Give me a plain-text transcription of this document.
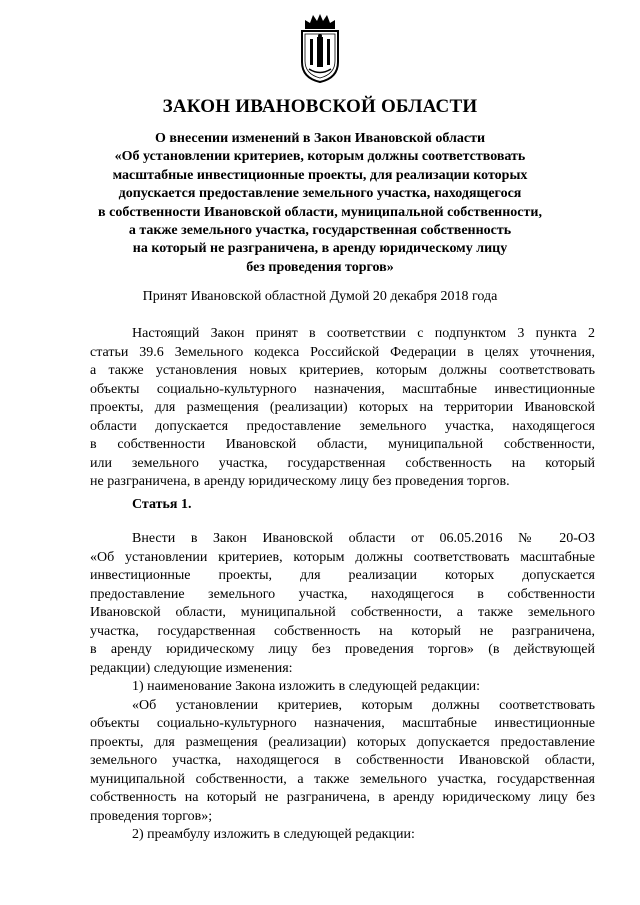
ЗАКОН ИВАНОВСКОЙ ОБЛАСТИ
О внесении изменений в Закон Ивановской области
«Об установлении критериев, которым должны соответствовать
масштабные инвестиционные проекты, для реализации которых
допускается предоставление земельного участка, находящегося
в собственности Ивановской области, муниципальной собственности,
а также земельного участка, государственная собственность
на который не разграничена, в аренду юридическому лицу
без проведения торгов»
Принят Ивановской областной Думой 20 декабря 2018 года
Настоящий Закон принят в соответствии с подпунктом 3 пункта 2
статьи 39.6 Земельного кодекса Российской Федерации в целях уточнения,
а также установления новых критериев, которым должны соответствовать
объекты социально-культурного назначения, масштабные инвестиционные
проекты, для размещения (реализации) которых на территории Ивановской
области допускается предоставление земельного участка, находящегося
в собственности Ивановской области, муниципальной собственности,
или земельного участка, государственная собственность на который
не разграничена, в аренду юридическому лицу без проведения торгов.
Статья 1.
Внести в Закон Ивановской области от 06.05.2016 № 20-ОЗ
«Об установлении критериев, которым должны соответствовать масштабные
инвестиционные проекты, для реализации которых допускается
предоставление земельного участка, находящегося в собственности
Ивановской области, муниципальной собственности, а также земельного
участка, государственная собственность на который не разграничена,
в аренду юридическому лицу без проведения торгов» (в действующей
редакции) следующие изменения:
1) наименование Закона изложить в следующей редакции:
«Об установлении критериев, которым должны соответствовать
объекты социально-культурного назначения, масштабные инвестиционные
проекты, для размещения (реализации) которых допускается предоставление
земельного участка, находящегося в собственности Ивановской области,
муниципальной собственности, а также земельного участка, государственная
собственность на который не разграничена, в аренду юридическому лицу без
проведения торгов»;
2) преамбулу изложить в следующей редакции:
